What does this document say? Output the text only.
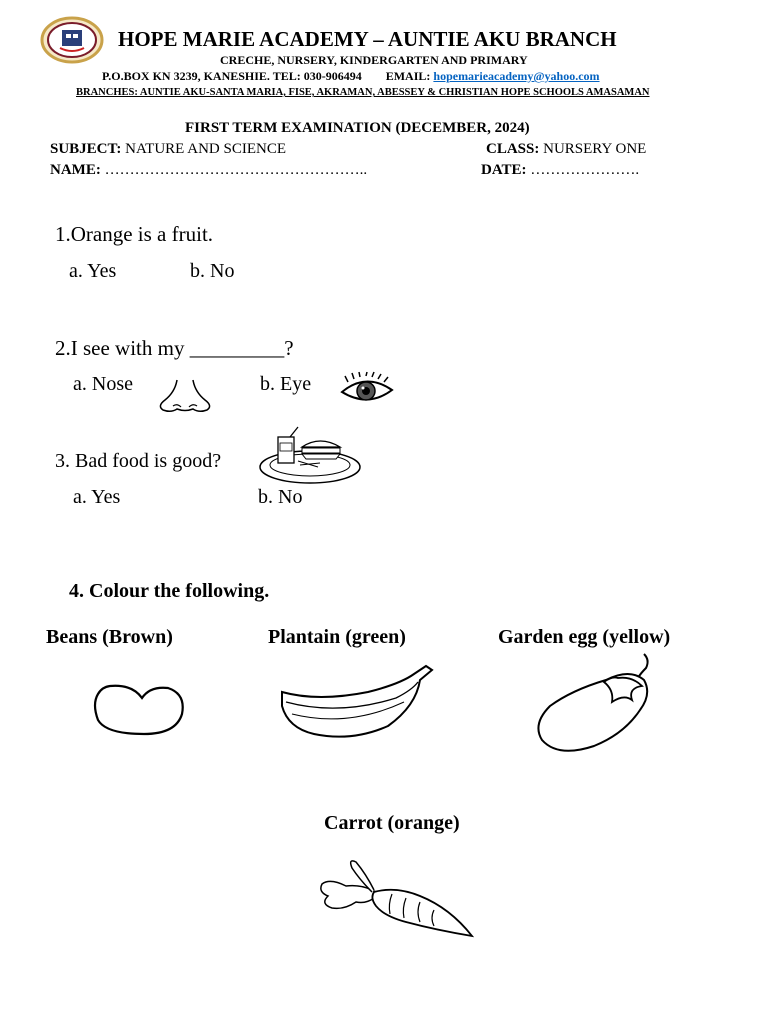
HOPE MARIE ACADEMY – AUNTIE AKU BRANCH
CRECHE, NURSERY, KINDERGARTEN AND PRIMARY
P.O.BOX KN 3239, KANESHIE. TEL: 030-906494 EMAIL: hopemarieacademy@yahoo.com
BRANCHES: AUNTIE AKU-SANTA MARIA, FISE, AKRAMAN, ABESSEY & CHRISTIAN HOPE SCHOOLS AMASAMAN
FIRST TERM EXAMINATION (DECEMBER, 2024)
SUBJECT: NATURE AND SCIENCE	CLASS: NURSERY ONE
NAME: ……………………………………………..	DATE: ………………….
1.Orange is a fruit.
a. Yes	b. No
2.I see with my _________?
a. Nose	b. Eye
3. Bad food is good?
a. Yes	b. No
4. Colour the following.
Beans (Brown)	Plantain (green)	Garden egg (yellow)
Carrot (orange)
